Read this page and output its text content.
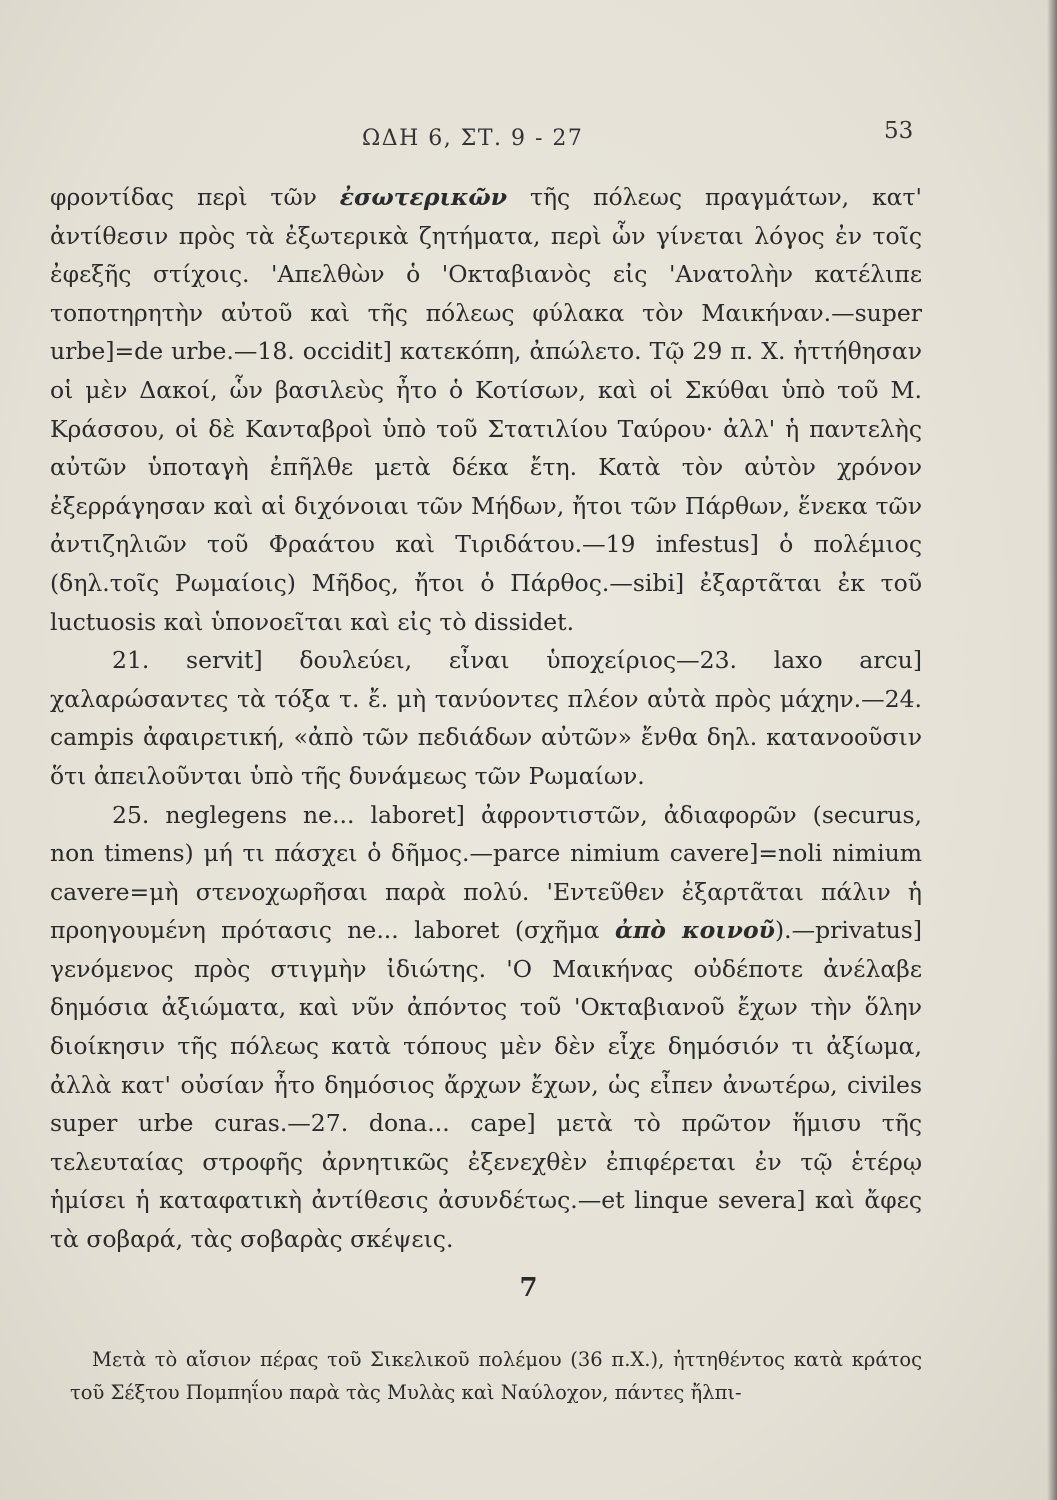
ΩΔΗ 6, ΣΤ. 9 - 27	53

φροντίδας περὶ τῶν ἐσωτερικῶν τῆς πόλεως πραγμάτων, κατ' ἀντίθεσιν πρὸς τὰ ἐξωτερικὰ ζητήματα, περὶ ὧν γίνεται λόγος ἐν τοῖς ἐφεξῆς στίχοις. 'Απελθὼν ὁ 'Οκταβιανὸς εἰς 'Ανατολὴν κατέλιπε τοποτηρητὴν αὐτοῦ καὶ τῆς πόλεως φύλακα τὸν Μαικήναν.—super urbe]=de urbe.—18. occidit] κατεκόπη, ἀπώλετο. Τῷ 29 π. Χ. ἡττήθησαν οἱ μὲν Δακοί, ὧν βασιλεὺς ἦτο ὁ Κοτίσων, καὶ οἱ Σκύθαι ὑπὸ τοῦ Μ. Κράσσου, οἱ δὲ Κανταβροὶ ὑπὸ τοῦ Στατιλίου Ταύρου· ἀλλ' ἡ παντελὴς αὐτῶν ὑποταγὴ ἐπῆλθε μετὰ δέκα ἔτη. Κατὰ τὸν αὐτὸν χρόνον ἐξερράγησαν καὶ αἱ διχόνοιαι τῶν Μήδων, ἤτοι τῶν Πάρθων, ἕνεκα τῶν ἀντιζηλιῶν τοῦ Φραάτου καὶ Τιριδάτου.—19 infestus] ὁ πολέμιος (δηλ.τοῖς Ρωμαίοις) Μῆδος, ἤτοι ὁ Πάρθος.—sibi] ἐξαρτᾶται ἐκ τοῦ luctuosis καὶ ὑπονοεῖται καὶ εἰς τὸ dissidet.

21. servit] δουλεύει, εἶναι ὑποχείριος—23. laxo arcu] χαλαρώσαντες τὰ τόξα τ. ἔ. μὴ τανύοντες πλέον αὐτὰ πρὸς μάχην.—24. campis ἀφαιρετική, «ἀπὸ τῶν πεδιάδων αὐτῶν» ἔνθα δηλ. κατανοοῦσιν ὅτι ἀπειλοῦνται ὑπὸ τῆς δυνάμεως τῶν Ρωμαίων.

25. neglegens ne... laboret] ἀφροντιστῶν, ἀδιαφορῶν (securus, non timens) μή τι πάσχει ὁ δῆμος.—parce nimium cavere]=noli nimium cavere=μὴ στενοχωρῆσαι παρὰ πολύ. 'Εντεῦθεν ἐξαρτᾶται πάλιν ἡ προηγουμένη πρότασις ne... laboret (σχῆμα ἀπὸ κοινοῦ).—privatus] γενόμενος πρὸς στιγμὴν ἰδιώτης. 'Ο Μαικήνας οὐδέποτε ἀνέλαβε δημόσια ἀξιώματα, καὶ νῦν ἀπόντος τοῦ 'Οκταβιανοῦ ἔχων τὴν ὅλην διοίκησιν τῆς πόλεως κατὰ τόπους μὲν δὲν εἶχε δημόσιόν τι ἀξίωμα, ἀλλὰ κατ' οὐσίαν ἦτο δημόσιος ἄρχων ἔχων, ὡς εἶπεν ἀνωτέρω, civiles super urbe curas.—27. dona... cape] μετὰ τὸ πρῶτον ἥμισυ τῆς τελευταίας στροφῆς ἀρνητικῶς ἐξενεχθὲν ἐπιφέρεται ἐν τῷ ἑτέρῳ ἡμίσει ἡ καταφατικὴ ἀντίθεσις ἀσυνδέτως.—et linque severa] καὶ ἄφες τὰ σοβαρά, τὰς σοβαρὰς σκέψεις.

7

Μετὰ τὸ αἴσιον πέρας τοῦ Σικελικοῦ πολέμου (36 π.Χ.), ἡττηθέντος κατὰ κράτος τοῦ Σέξτου Πομπηΐου παρὰ τὰς Μυλὰς καὶ Ναύλοχον, πάντες ἤλπι-
